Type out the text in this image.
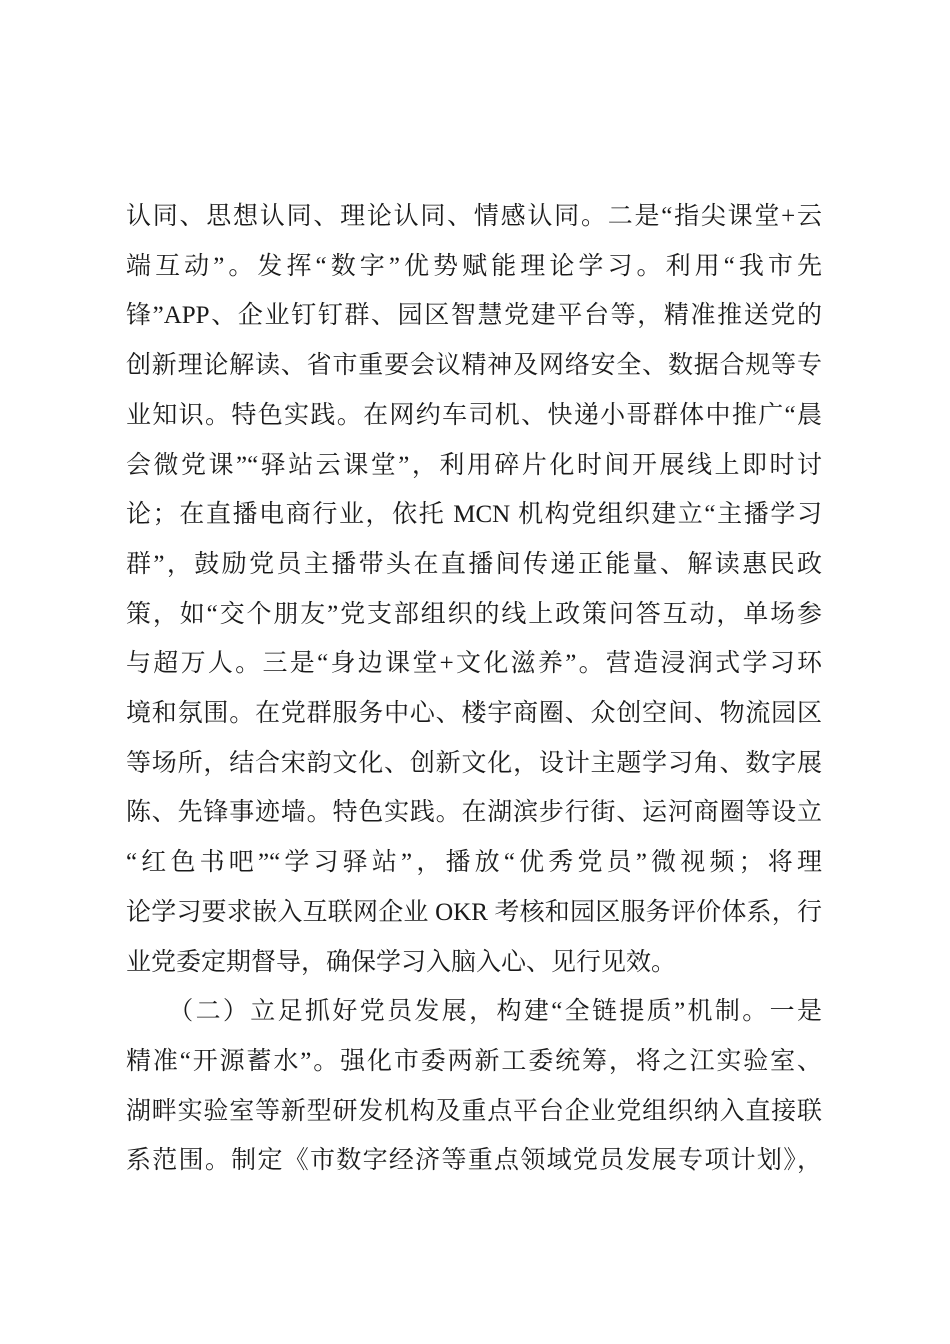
认同、思想认同、理论认同、情感认同。二是“指尖课堂+云
端互动”。发挥“数字”优势赋能理论学习。利用“我市先
锋”APP、企业钉钉群、园区智慧党建平台等，精准推送党的
创新理论解读、省市重要会议精神及网络安全、数据合规等专
业知识。特色实践。在网约车司机、快递小哥群体中推广“晨
会微党课”“驿站云课堂”，利用碎片化时间开展线上即时讨
论；在直播电商行业，依托 MCN 机构党组织建立“主播学习
群”，鼓励党员主播带头在直播间传递正能量、解读惠民政
策，如“交个朋友”党支部组织的线上政策问答互动，单场参
与超万人。三是“身边课堂+文化滋养”。营造浸润式学习环
境和氛围。在党群服务中心、楼宇商圈、众创空间、物流园区
等场所，结合宋韵文化、创新文化，设计主题学习角、数字展
陈、先锋事迹墙。特色实践。在湖滨步行街、运河商圈等设立
“红色书吧”“学习驿站”，播放“优秀党员”微视频；将理
论学习要求嵌入互联网企业 OKR 考核和园区服务评价体系，行
业党委定期督导，确保学习入脑入心、见行见效。
　　（二）立足抓好党员发展，构建“全链提质”机制。一是
精准“开源蓄水”。强化市委两新工委统筹，将之江实验室、
湖畔实验室等新型研发机构及重点平台企业党组织纳入直接联
系范围。制定《市数字经济等重点领域党员发展专项计划》，
